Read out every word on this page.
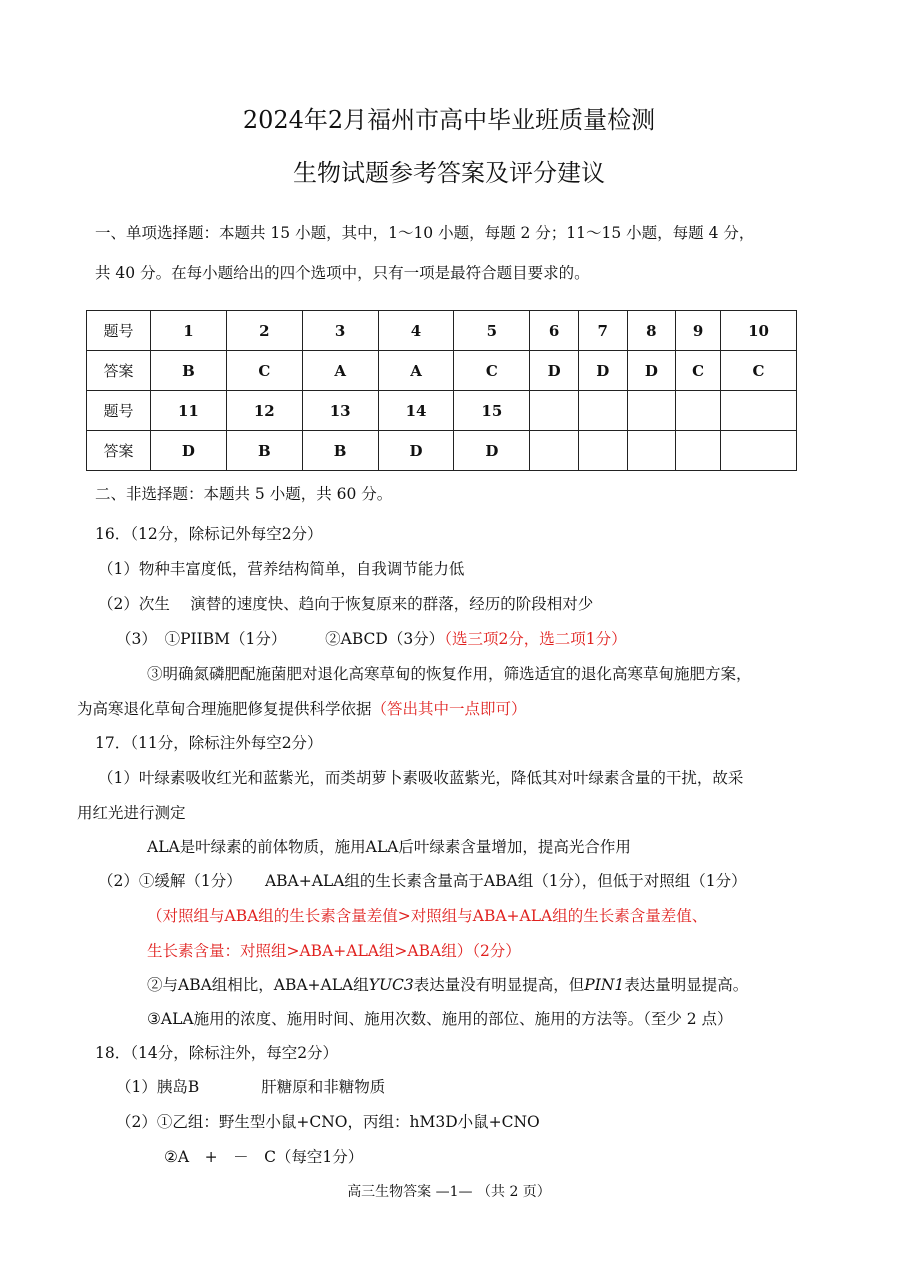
2024年2月福州市高中毕业班质量检测
生物试题参考答案及评分建议
一、单项选择题：本题共 15 小题，其中，1～10 小题，每题 2 分；11～15 小题，每题 4 分，
共 40 分。在每小题给出的四个选项中，只有一项是最符合题目要求的。
题号	1	2	3	4	5	6	7	8	9	10
答案	B	C	A	A	C	D	D	D	C	C
题号	11	12	13	14	15					
答案	D	B	B	D	D					
二、非选择题：本题共 5 小题，共 60 分。
16．（12分，除标记外每空2分）
（1）物种丰富度低，营养结构简单，自我调节能力低
（2）次生　 演替的速度快、趋向于恢复原来的群落，经历的阶段相对少
（3）　①PIIBM（1分）　　　②ABCD（3分）（选三项2分，选二项1分）
③明确氮磷肥配施菌肥对退化高寒草甸的恢复作用，筛选适宜的退化高寒草甸施肥方案，
为高寒退化草甸合理施肥修复提供科学依据（答出其中一点即可）
17．（11分，除标注外每空2分）
（1）叶绿素吸收红光和蓝紫光，而类胡萝卜素吸收蓝紫光，降低其对叶绿素含量的干扰，故采
用红光进行测定
ALA是叶绿素的前体物质，施用ALA后叶绿素含量增加，提高光合作用
（2）①缓解（1分）　　ABA+ALA组的生长素含量高于ABA组（1分），但低于对照组（1分）
（对照组与ABA组的生长素含量差值>对照组与ABA+ALA组的生长素含量差值、
生长素含量：对照组>ABA+ALA组>ABA组）（2分）
②与ABA组相比，ABA+ALA组YUC3表达量没有明显提高，但PIN1表达量明显提高。
③ALA施用的浓度、施用时间、施用次数、施用的部位、施用的方法等。（至少 2 点）
18．（14分，除标注外，每空2分）
（1）胰岛B　　　　肝糖原和非糖物质
（2）①乙组：野生型小鼠+CNO，丙组：hM3D小鼠+CNO
②A　+　－　C（每空1分）
高三生物答案 —1— （共 2 页）
